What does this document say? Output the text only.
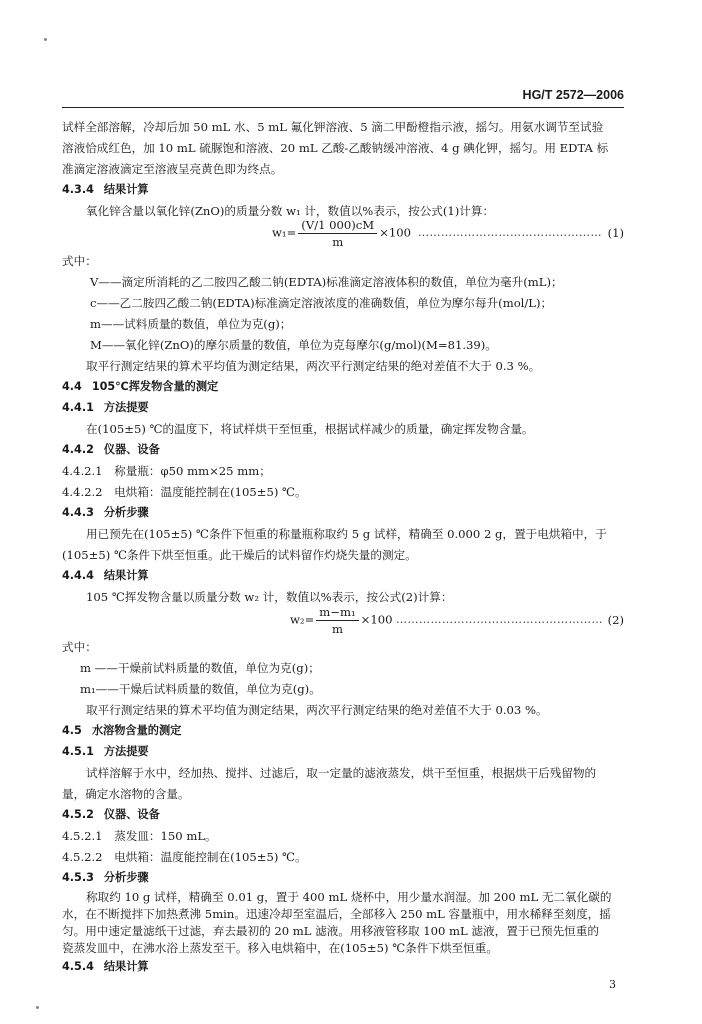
HG/T 2572—2006
试样全部溶解，冷却后加 50 mL 水、5 mL 氟化钾溶液、5 滴二甲酚橙指示液，摇匀。用氨水调节至试验
溶液恰成红色，加 10 mL 硫脲饱和溶液、20 mL 乙酸-乙酸钠缓冲溶液、4 g 碘化钾，摇匀。用 EDTA 标
准滴定溶液滴定至溶液呈亮黄色即为终点。
4.3.4 结果计算
氧化锌含量以氧化锌(ZnO)的质量分数 w₁ 计，数值以%表示，按公式(1)计算：
$w_1= \frac{(V/1 000)cM}{m} \times 100$ ………………………………………… (1)
式中：
V——滴定所消耗的乙二胺四乙酸二钠(EDTA)标准滴定溶液体积的数值，单位为毫升(mL)；
c——乙二胺四乙酸二钠(EDTA)标准滴定溶液浓度的准确数值，单位为摩尔每升(mol/L)；
m——试料质量的数值，单位为克(g)；
M——氧化锌(ZnO)的摩尔质量的数值，单位为克每摩尔(g/mol)(M=81.39)。
取平行测定结果的算术平均值为测定结果，两次平行测定结果的绝对差值不大于 0.3 %。
4.4 105℃挥发物含量的测定
4.4.1 方法提要
在(105±5) ℃的温度下，将试样烘干至恒重，根据试样减少的质量，确定挥发物含量。
4.4.2 仪器、设备
4.4.2.1　称量瓶：φ50 mm×25 mm；
4.4.2.2　电烘箱：温度能控制在(105±5) ℃。
4.4.3 分析步骤
用已预先在(105±5) ℃条件下恒重的称量瓶称取约 5 g 试样，精确至 0.000 2 g，置于电烘箱中，于
(105±5) ℃条件下烘至恒重。此干燥后的试料留作灼烧失量的测定。
4.4.4 结果计算
105 ℃挥发物含量以质量分数 w₂ 计，数值以%表示，按公式(2)计算：
$w_2= \frac{\text{m−m₁}}{m} \times 100$ ……………………………………………… (2)
式中：
m ——干燥前试料质量的数值，单位为克(g)；
m₁——干燥后试料质量的数值，单位为克(g)。
取平行测定结果的算术平均值为测定结果，两次平行测定结果的绝对差值不大于 0.03 %。
4.5 水溶物含量的测定
4.5.1 方法提要
试样溶解于水中，经加热、搅拌、过滤后，取一定量的滤液蒸发，烘干至恒重，根据烘干后残留物的
量，确定水溶物的含量。
4.5.2 仪器、设备
4.5.2.1　蒸发皿：150 mL。
4.5.2.2　电烘箱：温度能控制在(105±5) ℃。
4.5.3 分析步骤
称取约 10 g 试样，精确至 0.01 g，置于 400 mL 烧杯中，用少量水润湿。加 200 mL 无二氧化碳的
水，在不断搅拌下加热煮沸 5min。迅速冷却至室温后，全部移入 250 mL 容量瓶中，用水稀释至刻度，摇
匀。用中速定量滤纸干过滤，弃去最初的 20 mL 滤液。用移液管移取 100 mL 滤液，置于已预先恒重的
瓷蒸发皿中，在沸水浴上蒸发至干。移入电烘箱中，在(105±5) ℃条件下烘至恒重。
4.5.4 结果计算
3
